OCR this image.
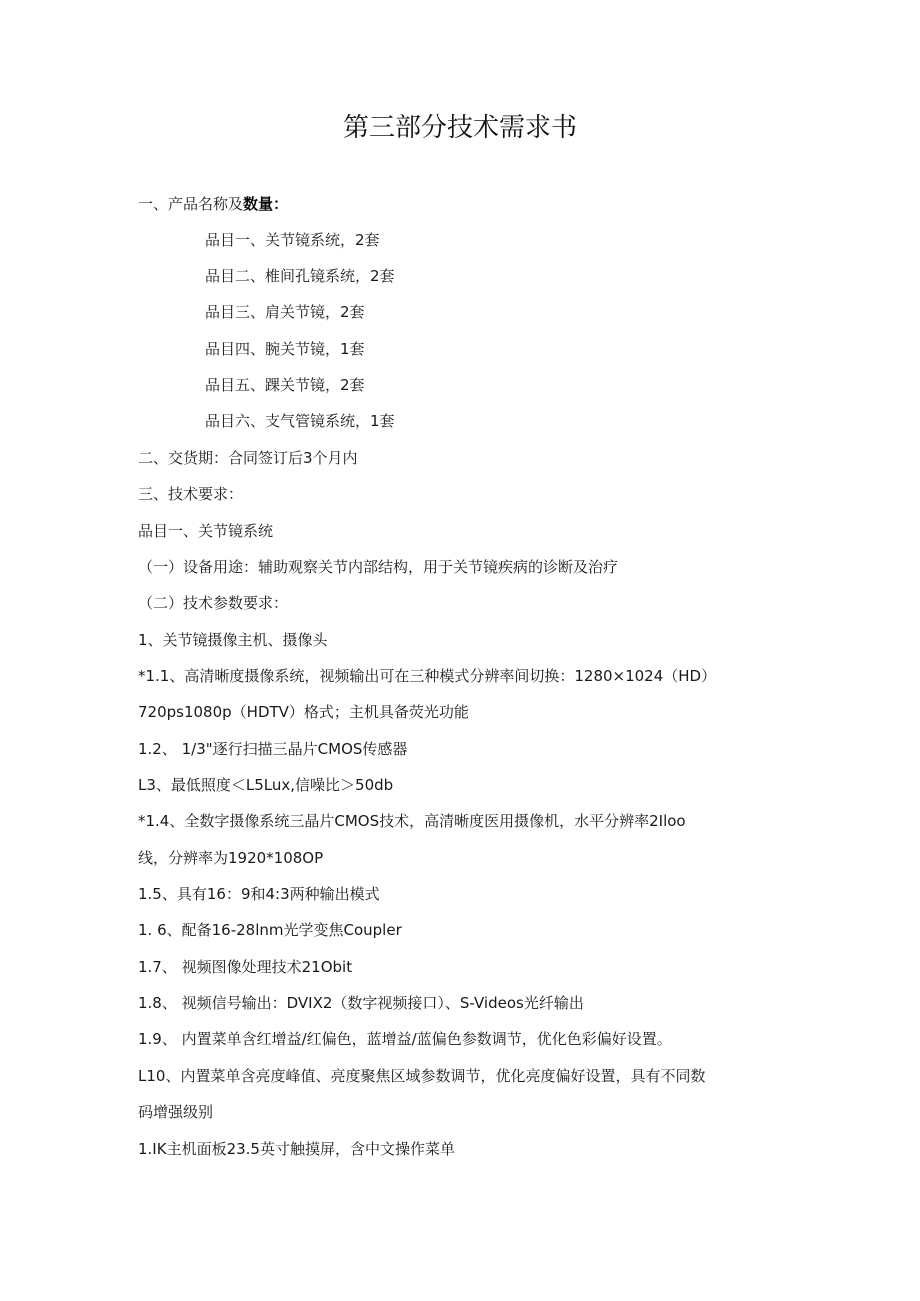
第三部分技术需求书
一、产品名称及数量：
品目一、关节镜系统，2套
品目二、椎间孔镜系统，2套
品目三、肩关节镜，2套
品目四、腕关节镜，1套
品目五、踝关节镜，2套
品目六、支气管镜系统，1套
二、交货期：合同签订后3个月内
三、技术要求：
品目一、关节镜系统
（一）设备用途：辅助观察关节内部结构，用于关节镜疾病的诊断及治疗
（二）技术参数要求：
1、关节镜摄像主机、摄像头
*1.1、高清晰度摄像系统，视频输出可在三种模式分辨率间切换：1280×1024（HD）
720ps1080p（HDTV）格式；主机具备荧光功能
1.2、 1/3"逐行扫描三晶片CMOS传感器
L3、最低照度＜L5Lux,信噪比＞50db
*1.4、全数字摄像系统三晶片CMOS技术，高清晰度医用摄像机，水平分辨率2Iloo
线，分辨率为1920*108OP
1.5、具有16：9和4:3两种输出模式
1. 6、配备16-28lnm光学变焦Coupler
1.7、 视频图像处理技术21Obit
1.8、 视频信号输出：DVIX2（数字视频接口）、S-Videos光纤输出
1.9、 内置菜单含红增益/红偏色，蓝增益/蓝偏色参数调节，优化色彩偏好设置。
L10、内置菜单含亮度峰值、亮度聚焦区域参数调节，优化亮度偏好设置，具有不同数
码增强级别
1.IK主机面板23.5英寸触摸屏，含中文操作菜单
